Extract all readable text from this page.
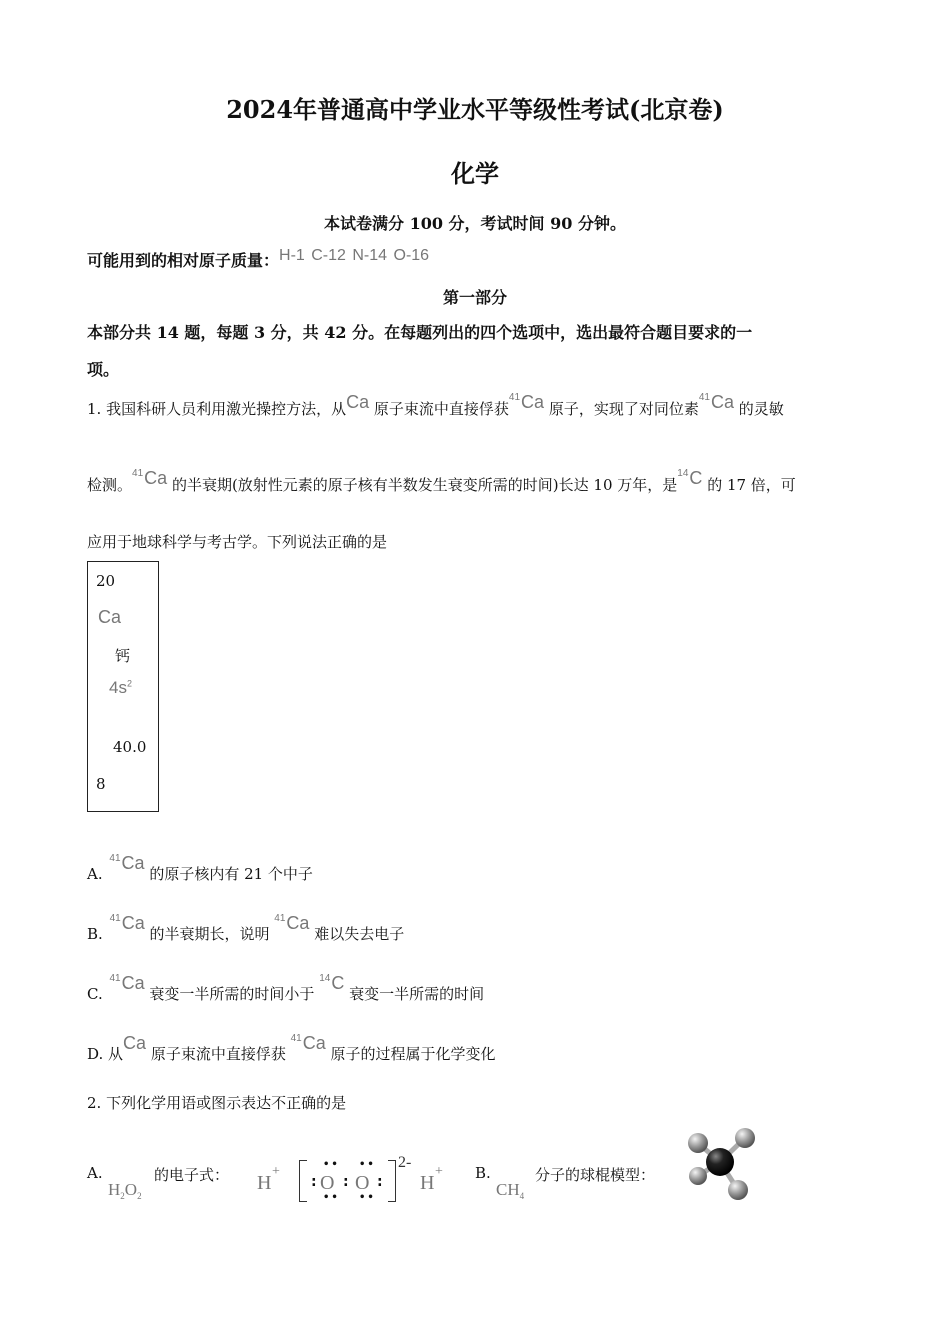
2024年普通高中学业水平等级性考试(北京卷)
化学
本试卷满分 100 分，考试时间 90 分钟。
可能用到的相对原子质量：H-1 C-12 N-14 O-16
第一部分
本部分共 14 题，每题 3 分，共 42 分。在每题列出的四个选项中，选出最符合题目要求的一
项。
1. 我国科研人员利用激光操控方法，从Ca 原子束流中直接俘获$^{41}$Ca 原子，实现了对同位素$^{41}$Ca 的灵敏
检测。$^{41}$Ca 的半衰期(放射性元素的原子核有半数发生衰变所需的时间)长达 10 万年，是$^{14}$C 的 17 倍，可
应用于地球科学与考古学。下列说法正确的是
20
Ca
钙
$4s^2$
40.0
8
A. $^{41}$Ca 的原子核内有 21 个中子
B. $^{41}$Ca 的半衰期长，说明 $^{41}$Ca 难以失去电子
C. $^{41}$Ca 衰变一半所需的时间小于 $^{14}$C 衰变一半所需的时间
D. 从Ca 原子束流中直接俘获 $^{41}$Ca 原子的过程属于化学变化
2. 下列化学用语或图示表达不正确的是
A.
$H_2O_2$
的电子式： H
+
:
••
O
••
:
••
O
••
:
2-
H
+ B.
$CH_4$
分子的球棍模型：
